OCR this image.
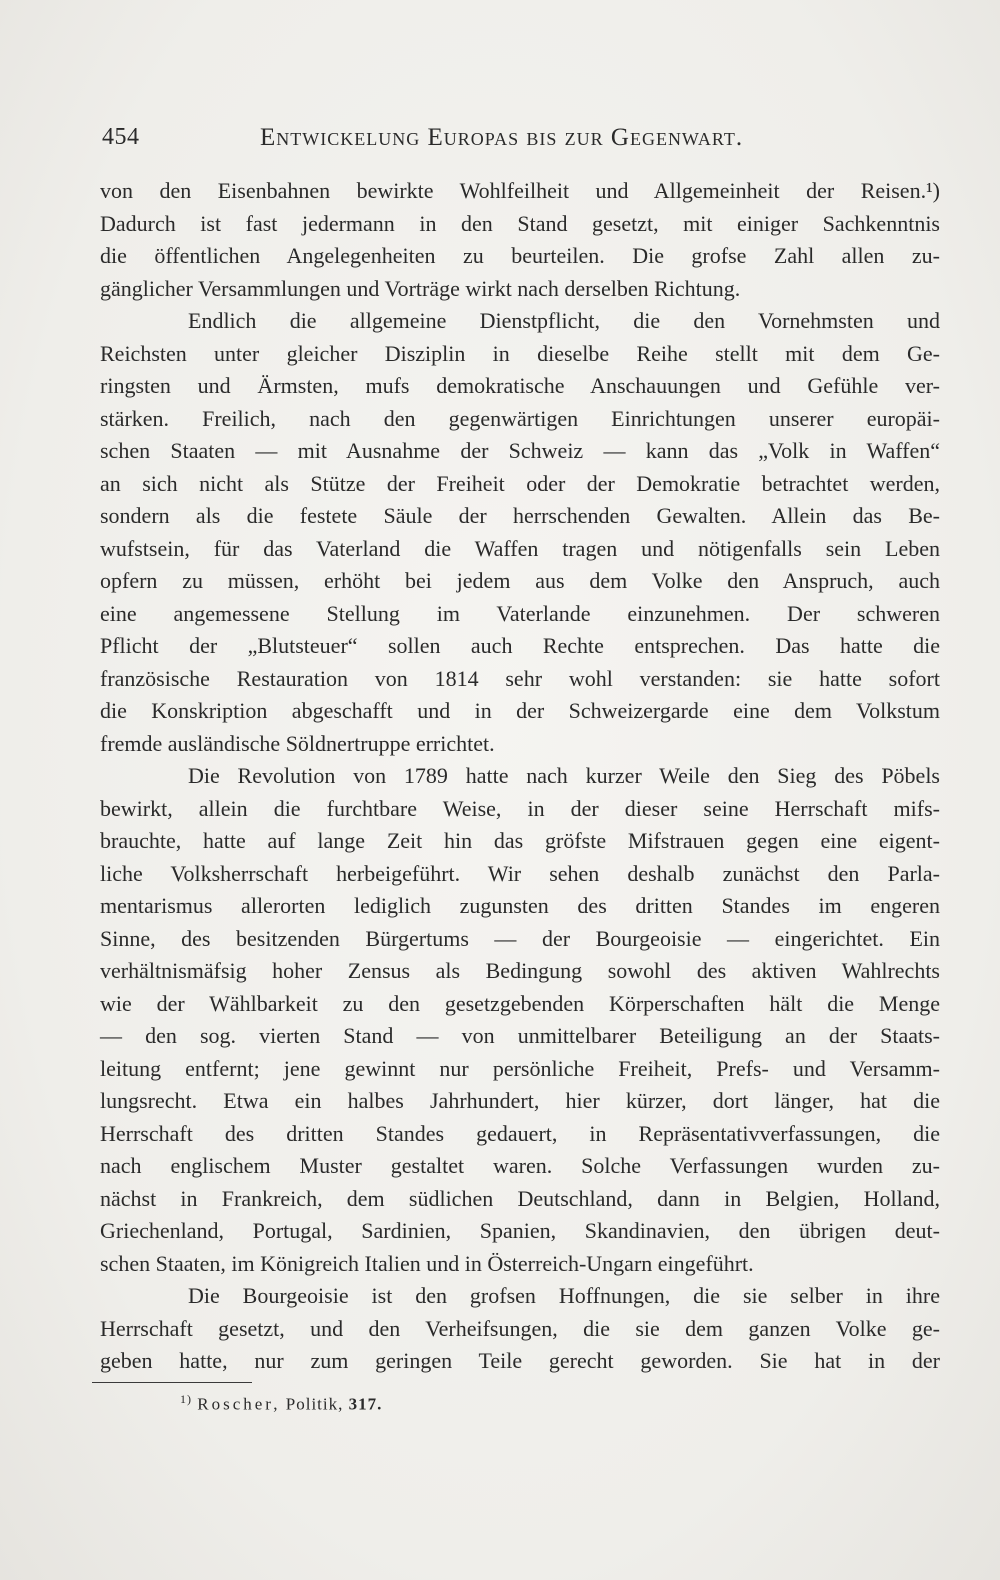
454	Entwickelung Europas bis zur Gegenwart.
von den Eisenbahnen bewirkte Wohlfeilheit und Allgemeinheit der Reisen.¹)
Dadurch ist fast jedermann in den Stand gesetzt, mit einiger Sachkenntnis
die öffentlichen Angelegenheiten zu beurteilen. Die grofse Zahl allen zu-
gänglicher Versammlungen und Vorträge wirkt nach derselben Richtung.
Endlich die allgemeine Dienstpflicht, die den Vornehmsten und
Reichsten unter gleicher Disziplin in dieselbe Reihe stellt mit dem Ge-
ringsten und Ärmsten, mufs demokratische Anschauungen und Gefühle ver-
stärken. Freilich, nach den gegenwärtigen Einrichtungen unserer europäi-
schen Staaten — mit Ausnahme der Schweiz — kann das „Volk in Waffen“
an sich nicht als Stütze der Freiheit oder der Demokratie betrachtet werden,
sondern als die festete Säule der herrschenden Gewalten. Allein das Be-
wufstsein, für das Vaterland die Waffen tragen und nötigenfalls sein Leben
opfern zu müssen, erhöht bei jedem aus dem Volke den Anspruch, auch
eine angemessene Stellung im Vaterlande einzunehmen. Der schweren
Pflicht der „Blutsteuer“ sollen auch Rechte entsprechen. Das hatte die
französische Restauration von 1814 sehr wohl verstanden: sie hatte sofort
die Konskription abgeschafft und in der Schweizergarde eine dem Volkstum
fremde ausländische Söldnertruppe errichtet.
Die Revolution von 1789 hatte nach kurzer Weile den Sieg des Pöbels
bewirkt, allein die furchtbare Weise, in der dieser seine Herrschaft mifs-
brauchte, hatte auf lange Zeit hin das gröfste Mifstrauen gegen eine eigent-
liche Volksherrschaft herbeigeführt. Wir sehen deshalb zunächst den Parla-
mentarismus allerorten lediglich zugunsten des dritten Standes im engeren
Sinne, des besitzenden Bürgertums — der Bourgeoisie — eingerichtet. Ein
verhältnismäfsig hoher Zensus als Bedingung sowohl des aktiven Wahlrechts
wie der Wählbarkeit zu den gesetzgebenden Körperschaften hält die Menge
— den sog. vierten Stand — von unmittelbarer Beteiligung an der Staats-
leitung entfernt; jene gewinnt nur persönliche Freiheit, Prefs- und Versamm-
lungsrecht. Etwa ein halbes Jahrhundert, hier kürzer, dort länger, hat die
Herrschaft des dritten Standes gedauert, in Repräsentativverfassungen, die
nach englischem Muster gestaltet waren. Solche Verfassungen wurden zu-
nächst in Frankreich, dem südlichen Deutschland, dann in Belgien, Holland,
Griechenland, Portugal, Sardinien, Spanien, Skandinavien, den übrigen deut-
schen Staaten, im Königreich Italien und in Österreich-Ungarn eingeführt.
Die Bourgeoisie ist den grofsen Hoffnungen, die sie selber in ihre
Herrschaft gesetzt, und den Verheifsungen, die sie dem ganzen Volke ge-
geben hatte, nur zum geringen Teile gerecht geworden. Sie hat in der
$^{1)}$ Roscher, Politik, 317.
